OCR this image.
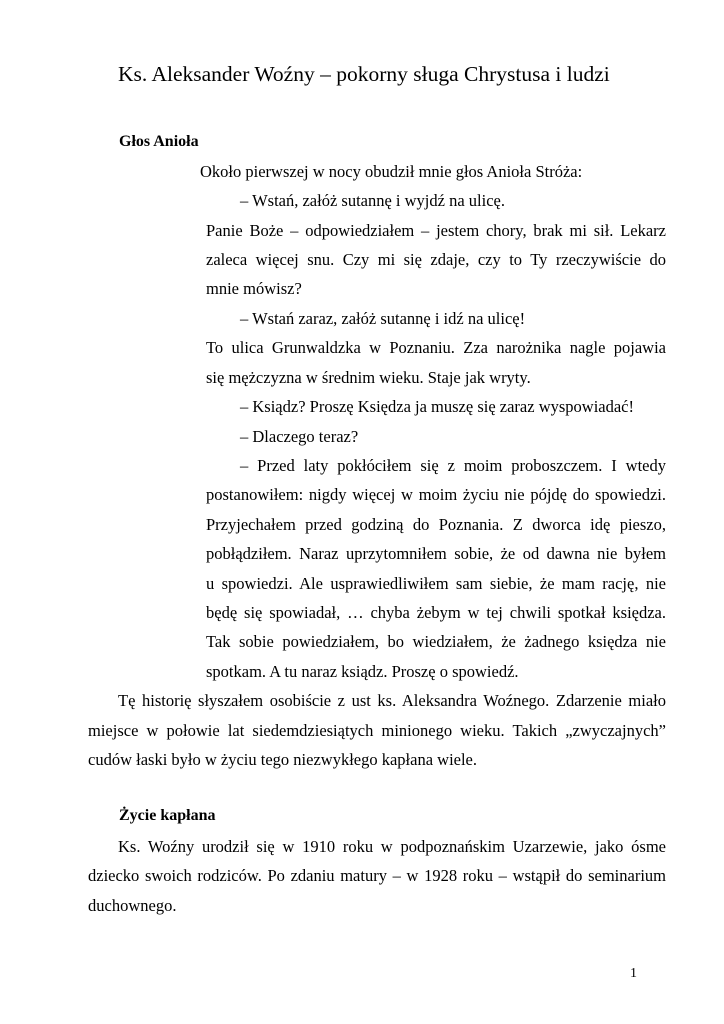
Ks. Aleksander Woźny – pokorny sługa Chrystusa i ludzi
Głos Anioła
Około pierwszej w nocy obudził mnie głos Anioła Stróża:
– Wstań, załóż sutannę i wyjdź na ulicę.
Panie Boże – odpowiedziałem – jestem chory, brak mi sił. Lekarz
zaleca więcej snu. Czy mi się zdaje, czy to Ty rzeczywiście do
mnie mówisz?
– Wstań zaraz, załóż sutannę i idź na ulicę!
To ulica Grunwaldzka w Poznaniu. Zza narożnika nagle pojawia
się mężczyzna w średnim wieku. Staje jak wryty.
– Ksiądz? Proszę Księdza ja muszę się zaraz wyspowiadać!
– Dlaczego teraz?
– Przed laty pokłóciłem się z moim proboszczem. I wtedy
postanowiłem: nigdy więcej w moim życiu nie pójdę do spowiedzi.
Przyjechałem przed godziną do Poznania. Z dworca idę pieszo,
pobłądziłem. Naraz uprzytomniłem sobie, że od dawna nie byłem
u spowiedzi. Ale usprawiedliwiłem sam siebie, że mam rację, nie
będę się spowiadał, … chyba żebym w tej chwili spotkał księdza.
Tak sobie powiedziałem, bo wiedziałem, że żadnego księdza nie
spotkam. A tu naraz ksiądz. Proszę o spowiedź.
Tę historię słyszałem osobiście z ust ks. Aleksandra Woźnego. Zdarzenie miało
miejsce w połowie lat siedemdziesiątych minionego wieku. Takich „zwyczajnych”
cudów łaski było w życiu tego niezwykłego kapłana wiele.
Życie kapłana
Ks. Woźny urodził się w 1910 roku w podpoznańskim Uzarzewie, jako ósme
dziecko swoich rodziców. Po zdaniu matury – w 1928 roku – wstąpił do seminarium
duchownego.
1
